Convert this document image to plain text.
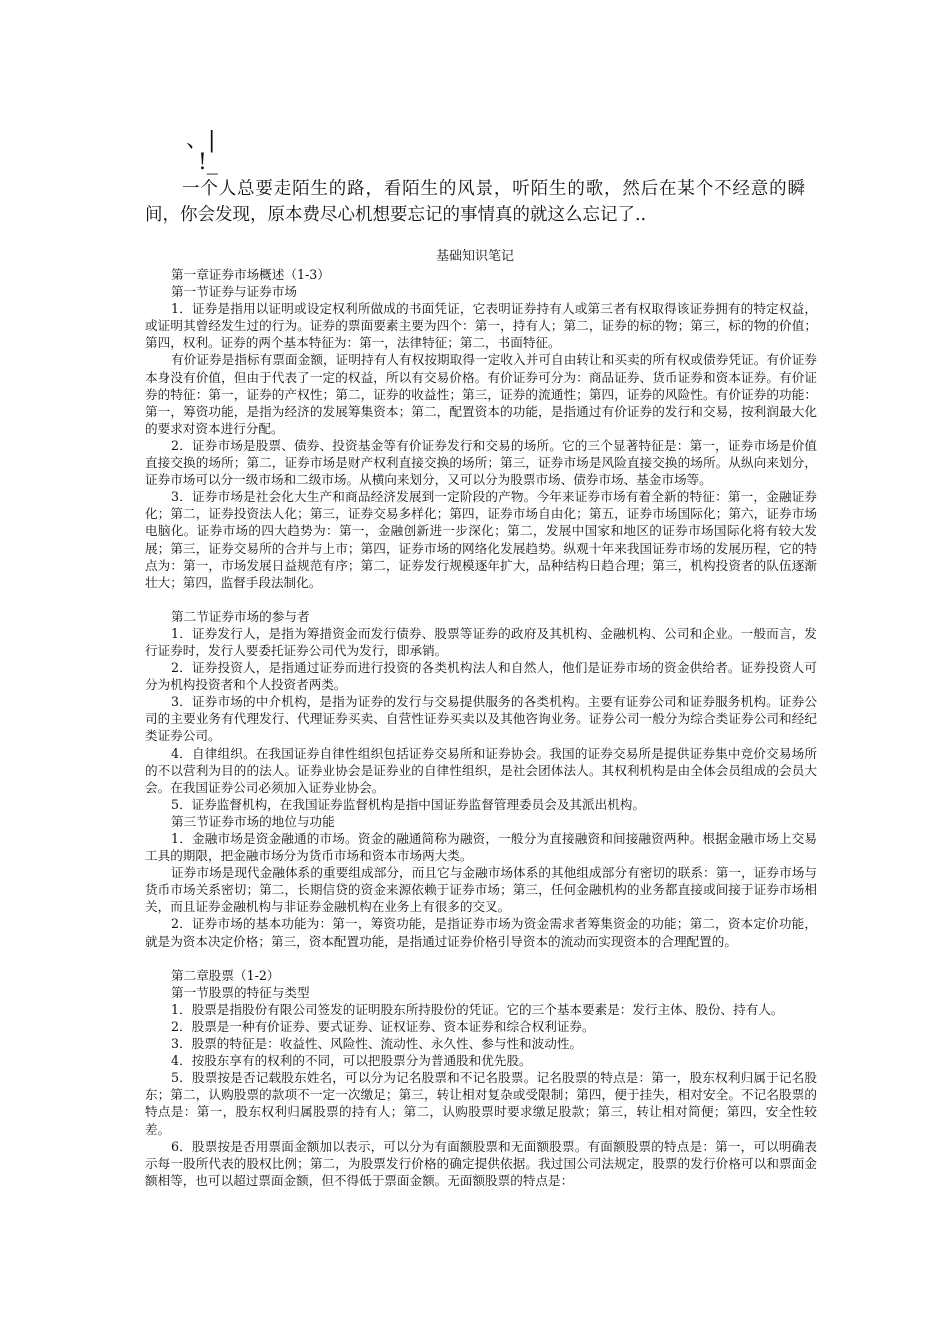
、|
!_
一个人总要走陌生的路，看陌生的风景，听陌生的歌，然后在某个不经意的瞬间，你会发现，原本费尽心机想要忘记的事情真的就这么忘记了..
基础知识笔记

第一章证券市场概述（1-3）

第一节证券与证券市场

1．证券是指用以证明或设定权利所做成的书面凭证，它表明证券持有人或第三者有权取得该证券拥有的特定权益，或证明其曾经发生过的行为。证券的票面要素主要为四个：第一，持有人；第二，证券的标的物；第三，标的物的价值；第四，权利。证券的两个基本特征为：第一，法律特征；第二，书面特征。

有价证券是指标有票面金额，证明持有人有权按期取得一定收入并可自由转让和买卖的所有权或债券凭证。有价证券本身没有价值，但由于代表了一定的权益，所以有交易价格。有价证券可分为：商品证券、货币证券和资本证券。有价证券的特征：第一，证券的产权性；第二，证券的收益性；第三，证券的流通性；第四，证券的风险性。有价证券的功能：第一，筹资功能，是指为经济的发展筹集资本；第二，配置资本的功能，是指通过有价证券的发行和交易，按利润最大化的要求对资本进行分配。

2．证券市场是股票、债券、投资基金等有价证券发行和交易的场所。它的三个显著特征是：第一，证券市场是价值直接交换的场所；第二，证券市场是财产权利直接交换的场所；第三，证券市场是风险直接交换的场所。从纵向来划分，证券市场可以分一级市场和二级市场。从横向来划分，又可以分为股票市场、债券市场、基金市场等。

3．证券市场是社会化大生产和商品经济发展到一定阶段的产物。今年来证券市场有着全新的特征：第一，金融证券化；第二，证券投资法人化；第三，证券交易多样化；第四，证券市场自由化；第五，证券市场国际化；第六，证券市场电脑化。证券市场的四大趋势为：第一，金融创新进一步深化；第二，发展中国家和地区的证券市场国际化将有较大发展；第三，证券交易所的合并与上市；第四，证券市场的网络化发展趋势。纵观十年来我国证券市场的发展历程，它的特点为：第一，市场发展日益规范有序；第二，证券发行规模逐年扩大，品种结构日趋合理；第三，机构投资者的队伍逐渐壮大；第四，监督手段法制化。

第二节证券市场的参与者

1．证券发行人，是指为筹措资金而发行债券、股票等证券的政府及其机构、金融机构、公司和企业。一般而言，发行证券时，发行人要委托证券公司代为发行，即承销。

2．证券投资人，是指通过证券而进行投资的各类机构法人和自然人，他们是证券市场的资金供给者。证券投资人可分为机构投资者和个人投资者两类。

3．证券市场的中介机构，是指为证券的发行与交易提供服务的各类机构。主要有证券公司和证券服务机构。证券公司的主要业务有代理发行、代理证券买卖、自营性证券买卖以及其他咨询业务。证券公司一般分为综合类证券公司和经纪类证券公司。

4．自律组织。在我国证券自律性组织包括证券交易所和证券协会。我国的证券交易所是提供证券集中竞价交易场所的不以营利为目的的法人。证券业协会是证券业的自律性组织，是社会团体法人。其权利机构是由全体会员组成的会员大会。在我国证券公司必须加入证券业协会。

5．证券监督机构，在我国证券监督机构是指中国证券监督管理委员会及其派出机构。

第三节证券市场的地位与功能

1．金融市场是资金融通的市场。资金的融通简称为融资，一般分为直接融资和间接融资两种。根据金融市场上交易工具的期限，把金融市场分为货币市场和资本市场两大类。

证券市场是现代金融体系的重要组成部分，而且它与金融市场体系的其他组成部分有密切的联系：第一，证券市场与货币市场关系密切；第二，长期信贷的资金来源依赖于证券市场；第三，任何金融机构的业务都直接或间接于证券市场相关，而且证券金融机构与非证券金融机构在业务上有很多的交叉。

2．证券市场的基本功能为：第一，筹资功能，是指证券市场为资金需求者筹集资金的功能；第二，资本定价功能，就是为资本决定价格；第三，资本配置功能，是指通过证券价格引导资本的流动而实现资本的合理配置的。

第二章股票（1-2）

第一节股票的特征与类型

1．股票是指股份有限公司签发的证明股东所持股份的凭证。它的三个基本要素是：发行主体、股份、持有人。

2．股票是一种有价证券、要式证券、证权证券、资本证券和综合权利证券。

3．股票的特征是：收益性、风险性、流动性、永久性、参与性和波动性。

4．按股东享有的权利的不同，可以把股票分为普通股和优先股。

5．股票按是否记载股东姓名，可以分为记名股票和不记名股票。记名股票的特点是：第一，股东权利归属于记名股东；第二，认购股票的款项不一定一次缴足；第三，转让相对复杂或受限制；第四，便于挂失，相对安全。不记名股票的特点是：第一，股东权利归属股票的持有人；第二，认购股票时要求缴足股款；第三，转让相对简便；第四，安全性较差。

6．股票按是否用票面金额加以表示，可以分为有面额股票和无面额股票。有面额股票的特点是：第一，可以明确表示每一股所代表的股权比例；第二，为股票发行价格的确定提供依据。我过国公司法规定，股票的发行价格可以和票面金额相等，也可以超过票面金额，但不得低于票面金额。无面额股票的特点是：
